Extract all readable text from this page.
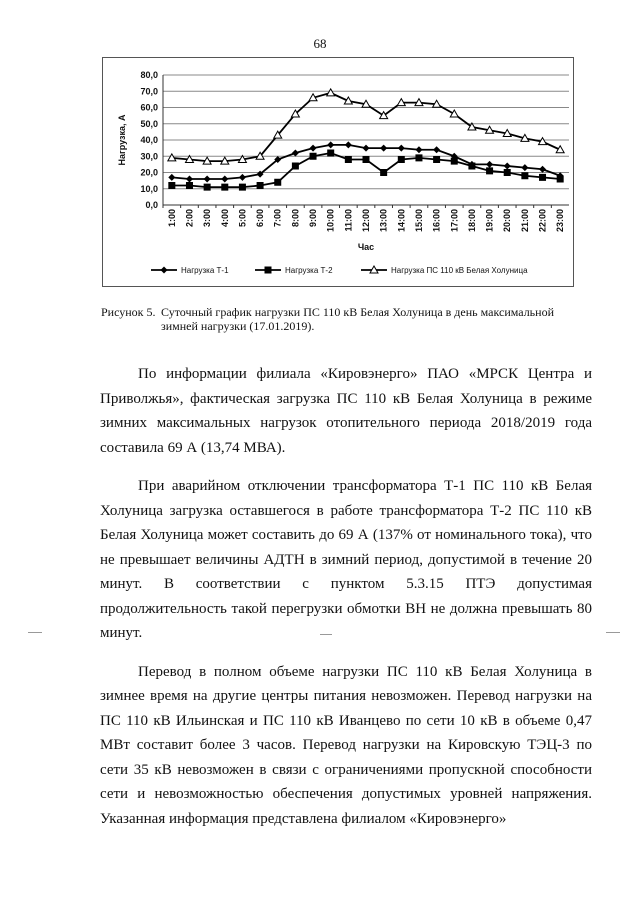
68
0,0
10,0
20,0
30,0
40,0
50,0
60,0
70,0
80,0
1:00 2:00 3:00 4:00 5:00 6:00 7:00 8:00 9:00 10:00 11:00 12:00 13:00 14:00 15:00 16:00 17:00 18:00 19:00 20:00 21:00 22:00 23:00
Нагрузка, А
Час
Нагрузка Т-1	Нагрузка Т-2	Нагрузка ПС 110 кВ Белая Холуница
Рисунок 5. Суточный график нагрузки ПС 110 кВ Белая Холуница в день максимальной
зимней нагрузки (17.01.2019).

По информации филиала «Кировэнерго» ПАО «МРСК Центра и Приволжья», фактическая загрузка ПС 110 кВ Белая Холуница в режиме зимних максимальных нагрузок отопительного периода 2018/2019 года составила 69 А (13,74 МВА).

При аварийном отключении трансформатора Т-1 ПС 110 кВ Белая Холуница загрузка оставшегося в работе трансформатора Т-2 ПС 110 кВ Белая Холуница может составить до 69 А (137% от номинального тока), что не превышает величины АДТН в зимний период, допустимой в течение 20 минут. В соответствии с пунктом 5.3.15 ПТЭ допустимая продолжительность такой перегрузки обмотки ВН не должна превышать 80 минут.

Перевод в полном объеме нагрузки ПС 110 кВ Белая Холуница в зимнее время на другие центры питания невозможен. Перевод нагрузки на ПС 110 кВ Ильинская и ПС 110 кВ Иванцево по сети 10 кВ в объеме 0,47 МВт составит более 3 часов. Перевод нагрузки на Кировскую ТЭЦ-3 по сети 35 кВ невозможен в связи с ограничениями пропускной способности сети и невозможностью обеспечения допустимых уровней напряжения. Указанная информация представлена филиалом «Кировэнерго»
